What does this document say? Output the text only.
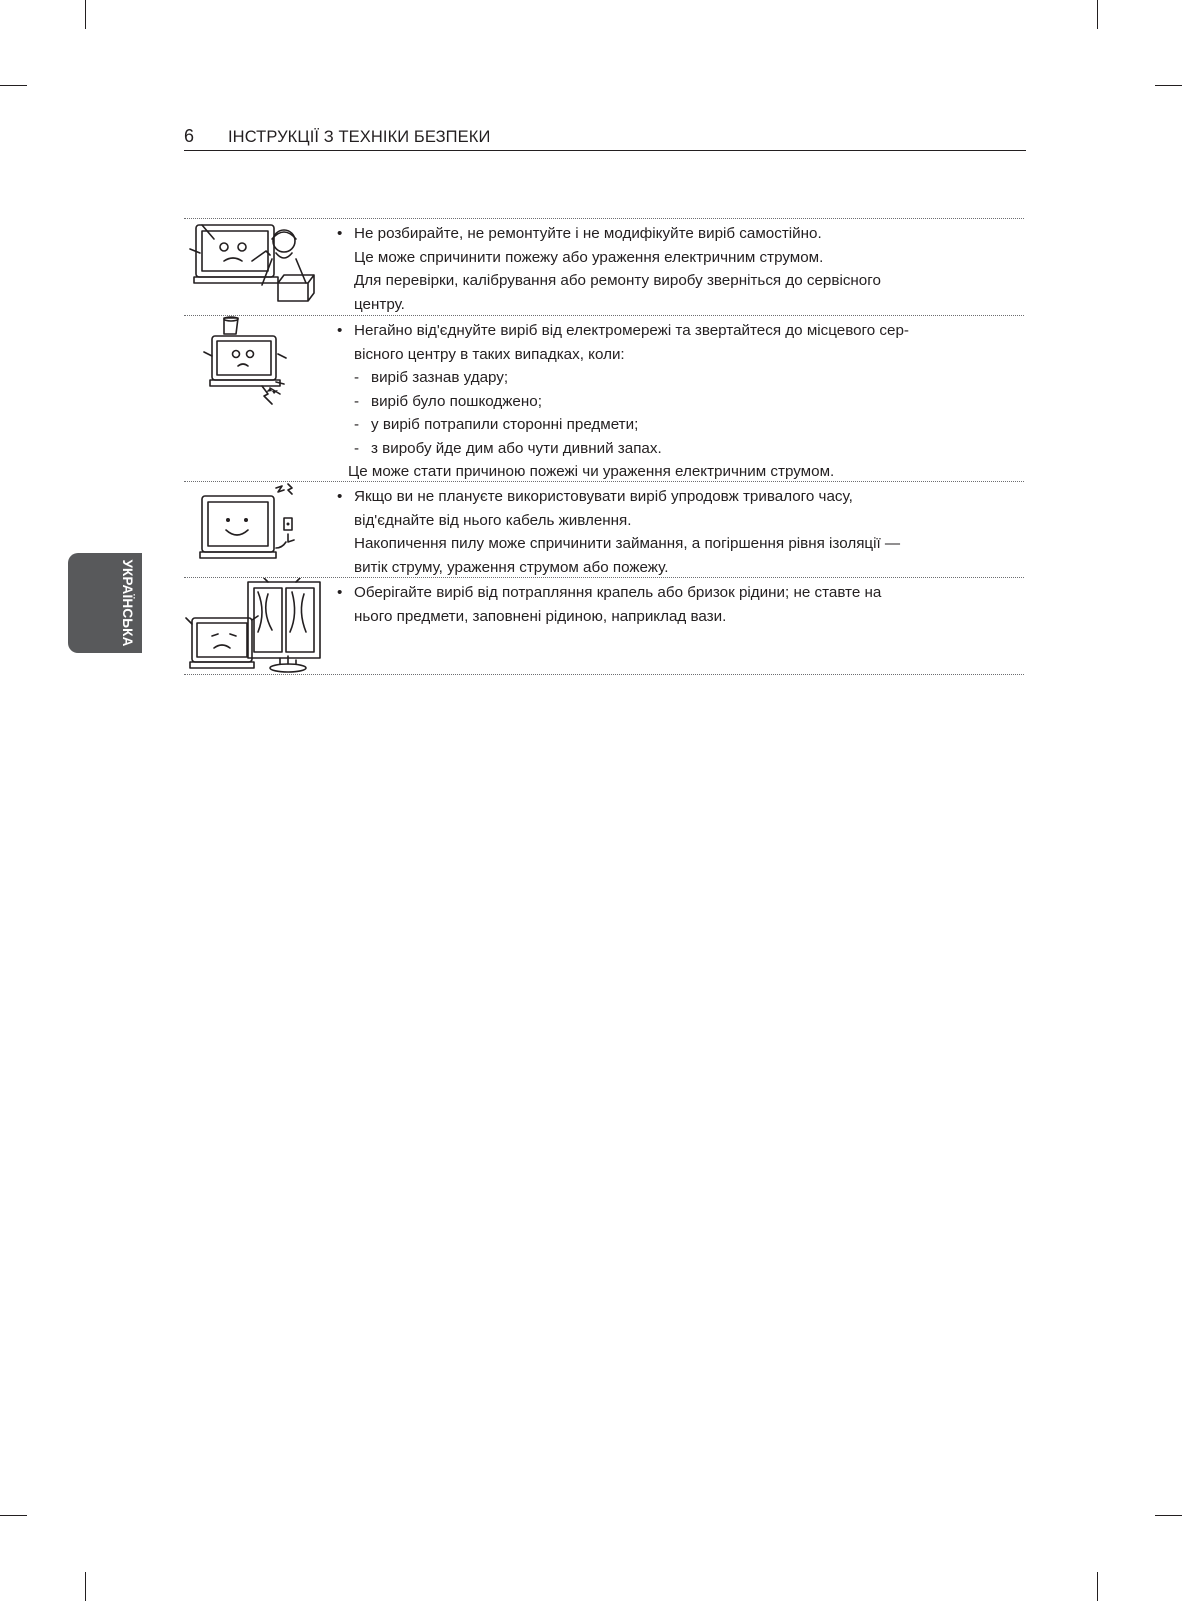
6 ІНСТРУКЦІЇ З ТЕХНІКИ БЕЗПЕКИ
УКРАЇНСЬКА
• Не розбирайте, не ремонтуйте і не модифікуйте виріб самостійно.
Це може спричинити пожежу або ураження електричним струмом.
Для перевірки, калібрування або ремонту виробу зверніться до сервісного
центру.
• Негайно від'єднуйте виріб від електромережі та звертайтеся до місцевого сер-
вісного центру в таких випадках, коли:
- виріб зазнав удару;
- виріб було пошкоджено;
- у виріб потрапили сторонні предмети;
- з виробу йде дим або чути дивний запах.
Це може стати причиною пожежі чи ураження електричним струмом.
• Якщо ви не плануєте використовувати виріб упродовж тривалого часу,
від'єднайте від нього кабель живлення.
Накопичення пилу може спричинити займання, а погіршення рівня ізоляції —
витік струму, ураження струмом або пожежу.
• Оберігайте виріб від потрапляння крапель або бризок рідини; не ставте на
нього предмети, заповнені рідиною, наприклад вази.
